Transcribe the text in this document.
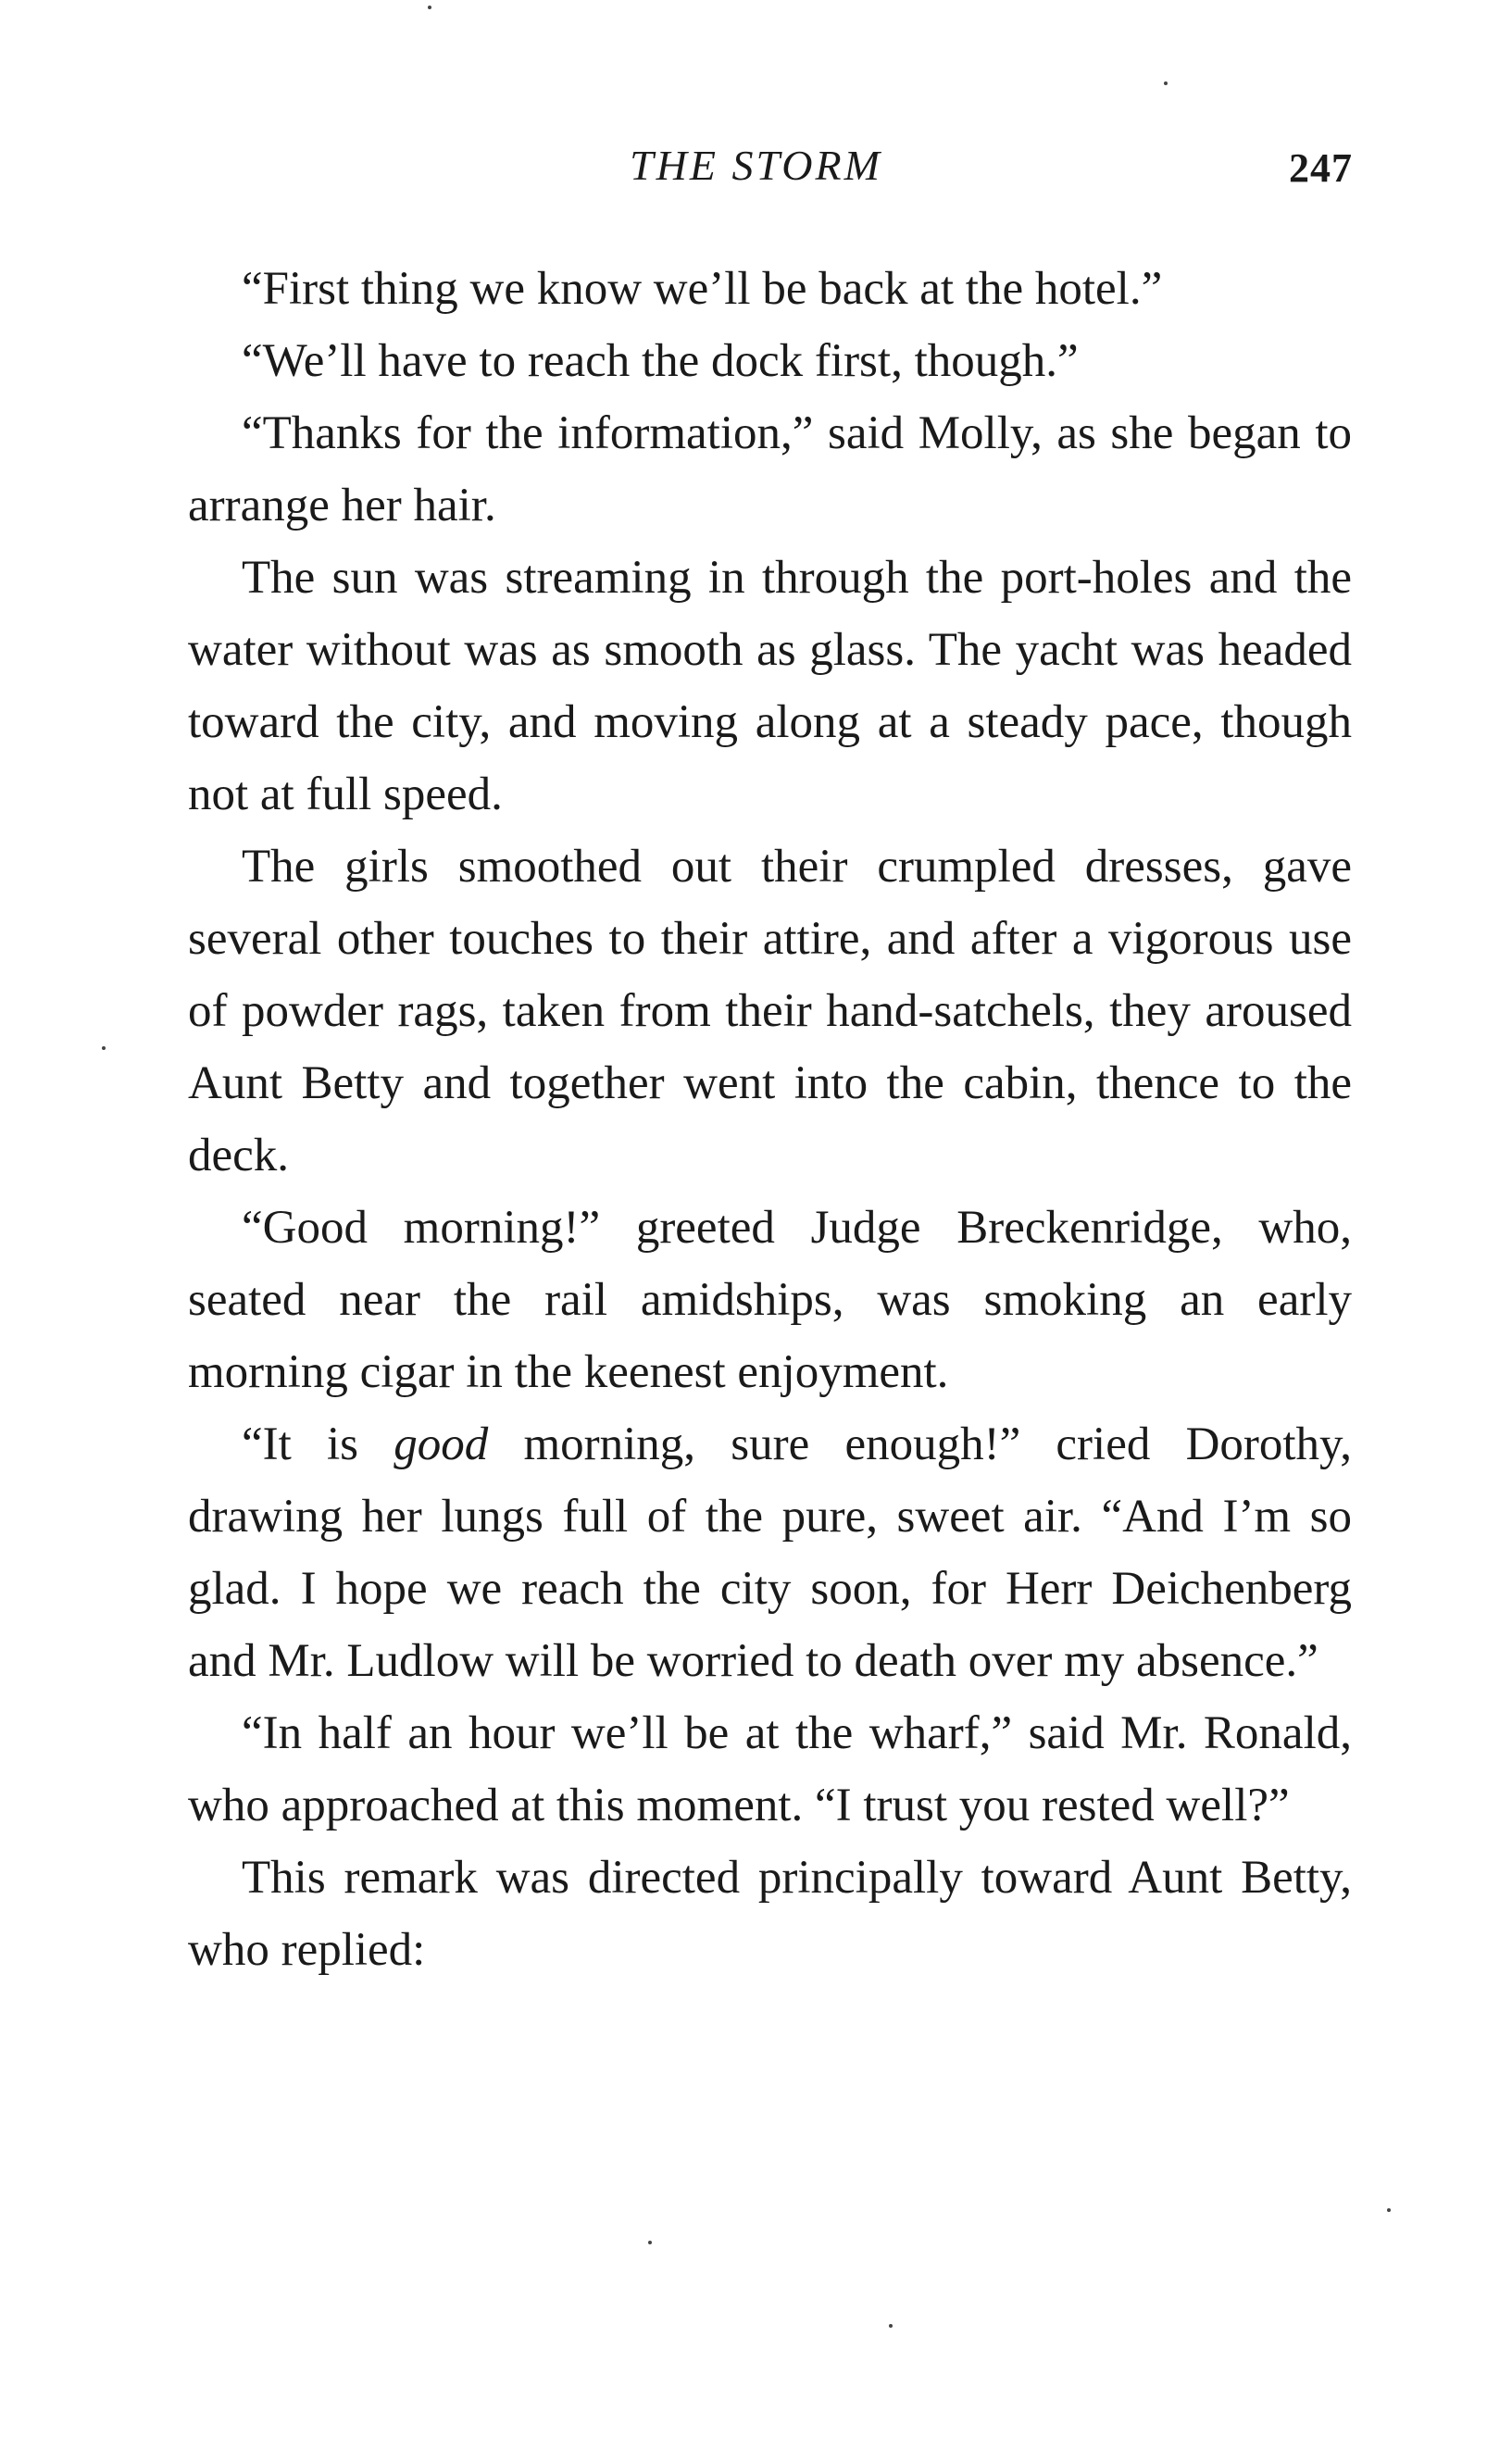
THE STORM	247

“First thing we know we’ll be back at the hotel.”

“We’ll have to reach the dock first, though.”

“Thanks for the information,” said Molly, as she began to arrange her hair.

The sun was streaming in through the port-holes and the water without was as smooth as glass. The yacht was headed toward the city, and moving along at a steady pace, though not at full speed.

The girls smoothed out their crumpled dresses, gave several other touches to their attire, and after a vigorous use of powder rags, taken from their hand-satchels, they aroused Aunt Betty and together went into the cabin, thence to the deck.

“Good morning!” greeted Judge Breckenridge, who, seated near the rail amidships, was smoking an early morning cigar in the keenest enjoyment.

“It is good morning, sure enough!” cried Dorothy, drawing her lungs full of the pure, sweet air. “And I’m so glad. I hope we reach the city soon, for Herr Deichenberg and Mr. Ludlow will be worried to death over my absence.”

“In half an hour we’ll be at the wharf,” said Mr. Ronald, who approached at this moment. “I trust you rested well?”

This remark was directed principally toward Aunt Betty, who replied:
